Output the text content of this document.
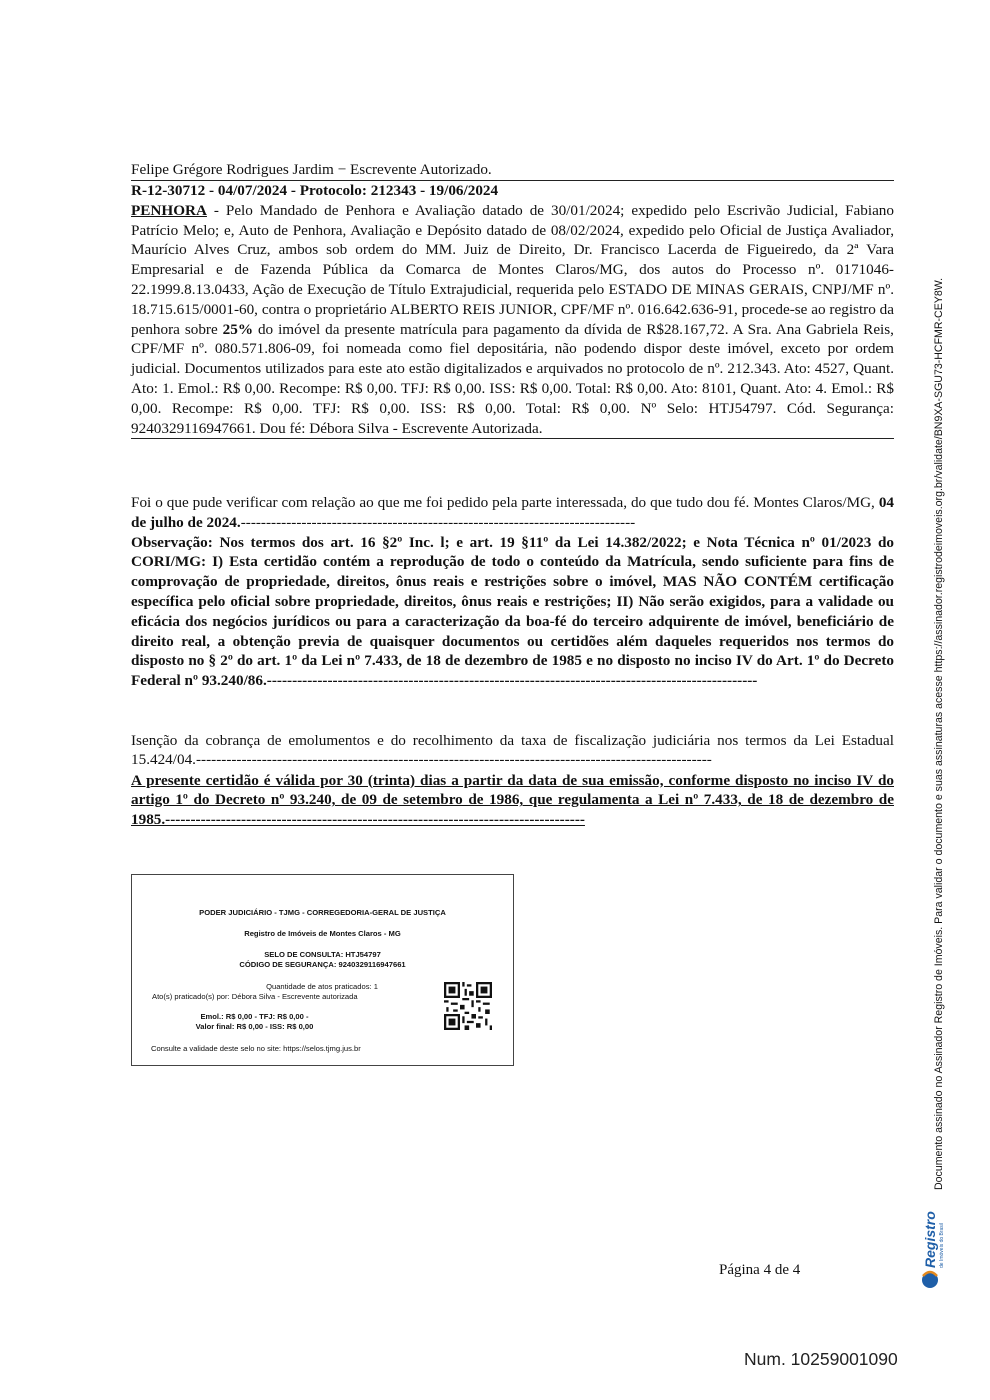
Felipe Grégore Rodrigues Jardim − Escrevente Autorizado.
R-12-30712 - 04/07/2024 - Protocolo: 212343 - 19/06/2024

PENHORA - Pelo Mandado de Penhora e Avaliação datado de 30/01/2024; expedido pelo Escrivão Judicial, Fabiano Patrício Melo; e, Auto de Penhora, Avaliação e Depósito datado de 08/02/2024, expedido pelo Oficial de Justiça Avaliador, Maurício Alves Cruz, ambos sob ordem do MM. Juiz de Direito, Dr. Francisco Lacerda de Figueiredo, da 2ª Vara Empresarial e de Fazenda Pública da Comarca de Montes Claros/MG, dos autos do Processo nº. 0171046-22.1999.8.13.0433, Ação de Execução de Título Extrajudicial, requerida pelo ESTADO DE MINAS GERAIS, CNPJ/MF nº. 18.715.615/0001-60, contra o proprietário ALBERTO REIS JUNIOR, CPF/MF nº. 016.642.636-91, procede-se ao registro da penhora sobre 25% do imóvel da presente matrícula para pagamento da dívida de R$28.167,72. A Sra. Ana Gabriela Reis, CPF/MF nº. 080.571.806-09, foi nomeada como fiel depositária, não podendo dispor deste imóvel, exceto por ordem judicial. Documentos utilizados para este ato estão digitalizados e arquivados no protocolo de nº. 212.343. Ato: 4527, Quant. Ato: 1. Emol.: R$ 0,00. Recompe: R$ 0,00. TFJ: R$ 0,00. ISS: R$ 0,00. Total: R$ 0,00. Ato: 8101, Quant. Ato: 4. Emol.: R$ 0,00. Recompe: R$ 0,00. TFJ: R$ 0,00. ISS: R$ 0,00. Total: R$ 0,00. Nº Selo: HTJ54797. Cód. Segurança: 9240329116947661. Dou fé: Débora Silva - Escrevente Autorizada.

Foi o que pude verificar com relação ao que me foi pedido pela parte interessada, do que tudo dou fé. Montes Claros/MG, 04 de julho de 2024.------------------------------------------------------------------------------

Observação: Nos termos dos art. 16 §2º Inc. l; e art. 19 §11º da Lei 14.382/2022; e Nota Técnica nº 01/2023 do CORI/MG: I) Esta certidão contém a reprodução de todo o conteúdo da Matrícula, sendo suficiente para fins de comprovação de propriedade, direitos, ônus reais e restrições sobre o imóvel, MAS NÃO CONTÉM certificação específica pelo oficial sobre propriedade, direitos, ônus reais e restrições; II) Não serão exigidos, para a validade ou eficácia dos negócios jurídicos ou para a caracterização da boa-fé do terceiro adquirente de imóvel, beneficiário de direito real, a obtenção previa de quaisquer documentos ou certidões além daqueles requeridos nos termos do disposto no § 2º do art. 1º da Lei nº 7.433, de 18 de dezembro de 1985 e no disposto no inciso IV do Art. 1º do Decreto Federal nº 93.240/86.-------------------------------------------------------------------------------------------------

Isenção da cobrança de emolumentos e do recolhimento da taxa de fiscalização judiciária nos termos da Lei Estadual 15.424/04.------------------------------------------------------------------------------------------------------

A presente certidão é válida por 30 (trinta) dias a partir da data de sua emissão, conforme disposto no inciso IV do artigo 1º do Decreto nº 93.240, de 09 de setembro de 1986, que regulamenta a Lei nº 7.433, de 18 de dezembro de 1985.-----------------------------------------------------------------------------------

PODER JUDICIÁRIO - TJMG - CORREGEDORIA-GERAL DE JUSTIÇA
Registro de Imóveis de Montes Claros - MG
SELO DE CONSULTA: HTJ54797
CÓDIGO DE SEGURANÇA: 9240329116947661
Quantidade de atos praticados: 1
Ato(s) praticado(s) por: Débora Silva - Escrevente autorizada
Emol.: R$ 0,00 - TFJ: R$ 0,00 -
Valor final: R$ 0,00 - ISS: R$ 0,00
Consulte a validade deste selo no site: https://selos.tjmg.jus.br	Documento assinado no Assinador Registro de Imóveis. Para validar o documento e suas assinaturas acesse https://assinador.registrodeimoveis.org.br/validate/BN9XA-SGU73-HCFMR-CEY8W.
Registro de Imóveis do Brasil
Página 4 de 4
Num. 10259001090
